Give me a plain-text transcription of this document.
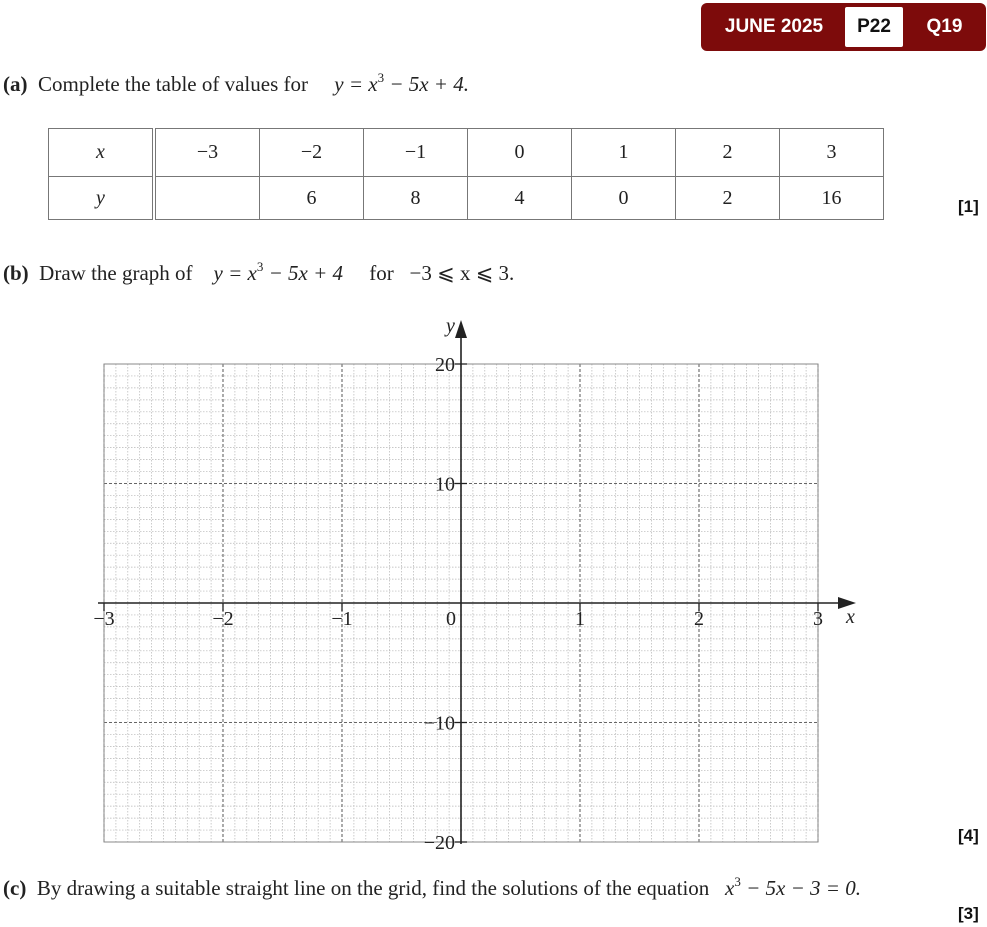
JUNE 2025	P22	Q19
(a) Complete the table of values for $y = x^3 - 5x + 4$.
x	−3	−2	−1	0	1	2	3
y		6	8	4	0	2	16	[1]
(b) Draw the graph of $y = x^3 - 5x + 4$ for −3 ⩽ x ⩽ 3.
x
y
−3	−2	−1	0	1	2	3
20
10
−10
−20	[4]
(c) By drawing a suitable straight line on the grid, find the solutions of the equation $x^3 - 5x - 3 = 0$.
[3]
